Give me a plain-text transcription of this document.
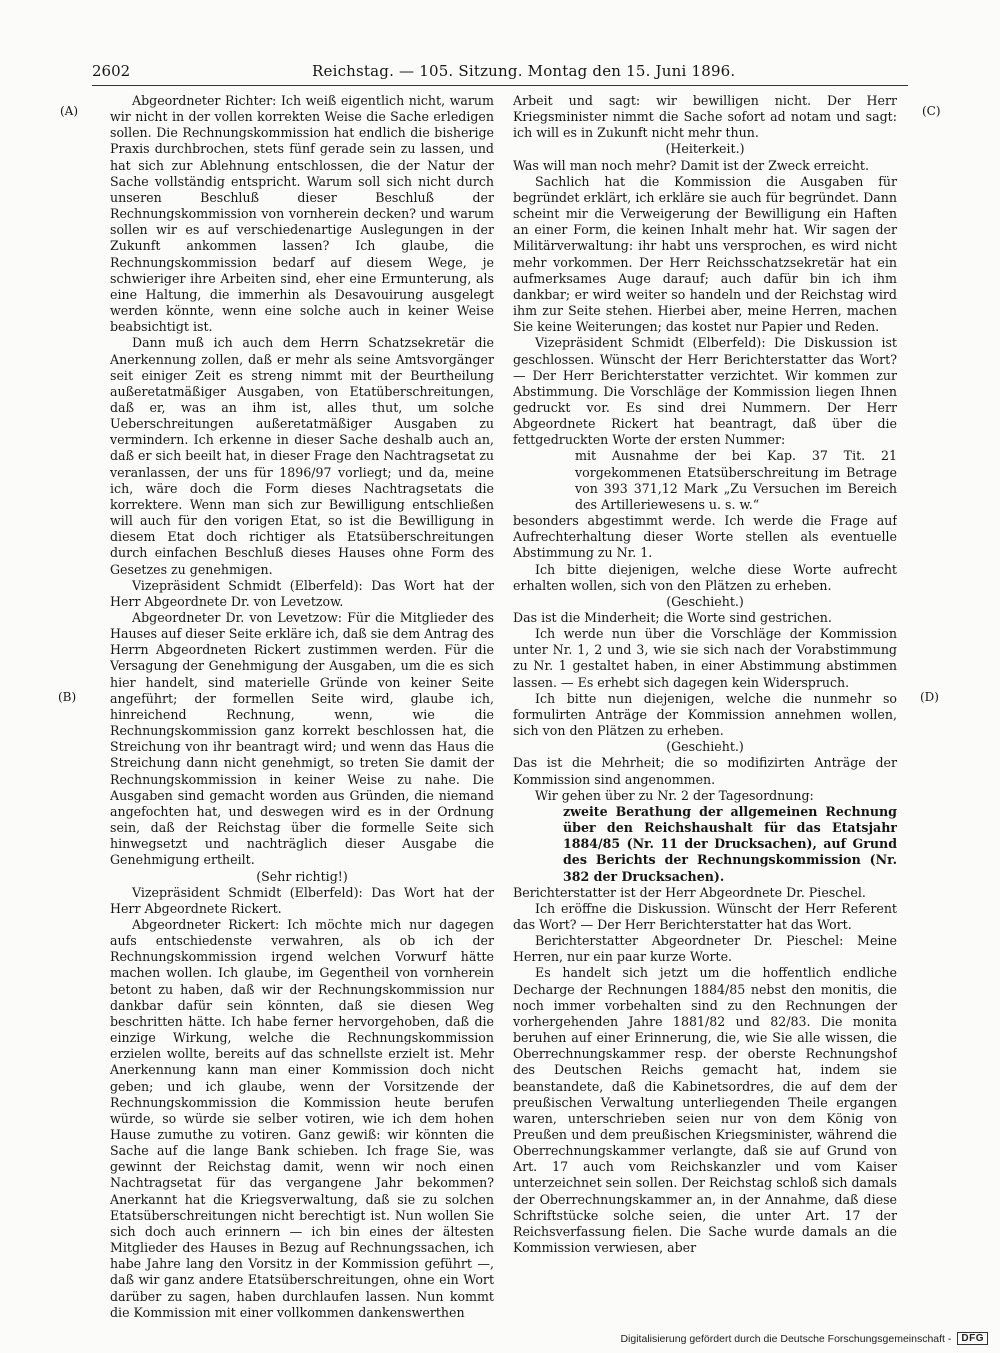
2602	Reichstag. — 105. Sitzung. Montag den 15. Juni 1896.
(A)
(B)
(C)
(D)

Abgeordneter Richter: Ich weiß eigentlich nicht, warum wir nicht in der vollen korrekten Weise die Sache erledigen sollen. Die Rechnungskommission hat endlich die bisherige Praxis durchbrochen, stets fünf gerade sein zu lassen, und hat sich zur Ablehnung entschlossen, die der Natur der Sache vollständig entspricht. Warum soll sich nicht durch unseren Beschluß dieser Beschluß der Rechnungskommission von vornherein decken? und warum sollen wir es auf verschiedenartige Auslegungen in der Zukunft ankommen lassen? Ich glaube, die Rechnungskommission bedarf auf diesem Wege, je schwieriger ihre Arbeiten sind, eher eine Ermunterung, als eine Haltung, die immerhin als Desavouirung ausgelegt werden könnte, wenn eine solche auch in keiner Weise beabsichtigt ist.

Dann muß ich auch dem Herrn Schatzsekretär die Anerkennung zollen, daß er mehr als seine Amtsvorgänger seit einiger Zeit es streng nimmt mit der Beurtheilung außeretatmäßiger Ausgaben, von Etatüberschreitungen, daß er, was an ihm ist, alles thut, um solche Ueberschreitungen außeretatmäßiger Ausgaben zu vermindern. Ich erkenne in dieser Sache deshalb auch an, daß er sich beeilt hat, in dieser Frage den Nachtragsetat zu veranlassen, der uns für 1896/97 vorliegt; und da, meine ich, wäre doch die Form dieses Nachtragsetats die korrektere. Wenn man sich zur Bewilligung entschließen will auch für den vorigen Etat, so ist die Bewilligung in diesem Etat doch richtiger als Etatsüberschreitungen durch einfachen Beschluß dieses Hauses ohne Form des Gesetzes zu genehmigen.

Vizepräsident Schmidt (Elberfeld): Das Wort hat der Herr Abgeordnete Dr. von Levetzow.

Abgeordneter Dr. von Levetzow: Für die Mitglieder des Hauses auf dieser Seite erkläre ich, daß sie dem Antrag des Herrn Abgeordneten Rickert zustimmen werden. Für die Versagung der Genehmigung der Ausgaben, um die es sich hier handelt, sind materielle Gründe von keiner Seite angeführt; der formellen Seite wird, glaube ich, hinreichend Rechnung, wenn, wie die Rechnungskommission ganz korrekt beschlossen hat, die Streichung von ihr beantragt wird; und wenn das Haus die Streichung dann nicht genehmigt, so treten Sie damit der Rechnungskommission in keiner Weise zu nahe. Die Ausgaben sind gemacht worden aus Gründen, die niemand angefochten hat, und deswegen wird es in der Ordnung sein, daß der Reichstag über die formelle Seite sich hinwegsetzt und nachträglich dieser Ausgabe die Genehmigung ertheilt.

(Sehr richtig!)

Vizepräsident Schmidt (Elberfeld): Das Wort hat der Herr Abgeordnete Rickert.

Abgeordneter Rickert: Ich möchte mich nur dagegen aufs entschiedenste verwahren, als ob ich der Rechnungskommission irgend welchen Vorwurf hätte machen wollen. Ich glaube, im Gegentheil von vornherein betont zu haben, daß wir der Rechnungskommission nur dankbar dafür sein könnten, daß sie diesen Weg beschritten hätte. Ich habe ferner hervorgehoben, daß die einzige Wirkung, welche die Rechnungskommission erzielen wollte, bereits auf das schnellste erzielt ist. Mehr Anerkennung kann man einer Kommission doch nicht geben; und ich glaube, wenn der Vorsitzende der Rechnungskommission die Kommission heute berufen würde, so würde sie selber votiren, wie ich dem hohen Hause zumuthe zu votiren. Ganz gewiß: wir könnten die Sache auf die lange Bank schieben. Ich frage Sie, was gewinnt der Reichstag damit, wenn wir noch einen Nachtragsetat für das vergangene Jahr bekommen? Anerkannt hat die Kriegsverwaltung, daß sie zu solchen Etatsüberschreitungen nicht berechtigt ist. Nun wollen Sie sich doch auch erinnern — ich bin eines der ältesten Mitglieder des Hauses in Bezug auf Rechnungssachen, ich habe Jahre lang den Vorsitz in der Kommission geführt —, daß wir ganz andere Etatsüberschreitungen, ohne ein Wort darüber zu sagen, haben durchlaufen lassen. Nun kommt die Kommission mit einer vollkommen dankenswerthen

Arbeit und sagt: wir bewilligen nicht. Der Herr Kriegsminister nimmt die Sache sofort ad notam und sagt: ich will es in Zukunft nicht mehr thun.

(Heiterkeit.)

Was will man noch mehr? Damit ist der Zweck erreicht.

Sachlich hat die Kommission die Ausgaben für begründet erklärt, ich erkläre sie auch für begründet. Dann scheint mir die Verweigerung der Bewilligung ein Haften an einer Form, die keinen Inhalt mehr hat. Wir sagen der Militärverwaltung: ihr habt uns versprochen, es wird nicht mehr vorkommen. Der Herr Reichsschatzsekretär hat ein aufmerksames Auge darauf; auch dafür bin ich ihm dankbar; er wird weiter so handeln und der Reichstag wird ihm zur Seite stehen. Hierbei aber, meine Herren, machen Sie keine Weiterungen; das kostet nur Papier und Reden.

Vizepräsident Schmidt (Elberfeld): Die Diskussion ist geschlossen. Wünscht der Herr Berichterstatter das Wort? — Der Herr Berichterstatter verzichtet. Wir kommen zur Abstimmung. Die Vorschläge der Kommission liegen Ihnen gedruckt vor. Es sind drei Nummern. Der Herr Abgeordnete Rickert hat beantragt, daß über die fettgedruckten Worte der ersten Nummer:

mit Ausnahme der bei Kap. 37 Tit. 21 vorgekommenen Etatsüberschreitung im Betrage von 393 371,12 Mark „Zu Versuchen im Bereich des Artilleriewesens u. s. w.“

besonders abgestimmt werde. Ich werde die Frage auf Aufrechterhaltung dieser Worte stellen als eventuelle Abstimmung zu Nr. 1.

Ich bitte diejenigen, welche diese Worte aufrecht erhalten wollen, sich von den Plätzen zu erheben.

(Geschieht.)

Das ist die Minderheit; die Worte sind gestrichen.

Ich werde nun über die Vorschläge der Kommission unter Nr. 1, 2 und 3, wie sie sich nach der Vorabstimmung zu Nr. 1 gestaltet haben, in einer Abstimmung abstimmen lassen. — Es erhebt sich dagegen kein Widerspruch.

Ich bitte nun diejenigen, welche die nunmehr so formulirten Anträge der Kommission annehmen wollen, sich von den Plätzen zu erheben.

(Geschieht.)

Das ist die Mehrheit; die so modifizirten Anträge der Kommission sind angenommen.

Wir gehen über zu Nr. 2 der Tagesordnung:

zweite Berathung der allgemeinen Rechnung über den Reichshaushalt für das Etatsjahr 1884/85 (Nr. 11 der Drucksachen), auf Grund des Berichts der Rechnungskommission (Nr. 382 der Drucksachen).

Berichterstatter ist der Herr Abgeordnete Dr. Pieschel.

Ich eröffne die Diskussion. Wünscht der Herr Referent das Wort? — Der Herr Berichterstatter hat das Wort.

Berichterstatter Abgeordneter Dr. Pieschel: Meine Herren, nur ein paar kurze Worte.

Es handelt sich jetzt um die hoffentlich endliche Decharge der Rechnungen 1884/85 nebst den monitis, die noch immer vorbehalten sind zu den Rechnungen der vorhergehenden Jahre 1881/82 und 82/83. Die monita beruhen auf einer Erinnerung, die, wie Sie alle wissen, die Oberrechnungskammer resp. der oberste Rechnungshof des Deutschen Reichs gemacht hat, indem sie beanstandete, daß die Kabinetsordres, die auf dem der preußischen Verwaltung unterliegenden Theile ergangen waren, unterschrieben seien nur von dem König von Preußen und dem preußischen Kriegsminister, während die Oberrechnungskammer verlangte, daß sie auf Grund von Art. 17 auch vom Reichskanzler und vom Kaiser unterzeichnet sein sollen. Der Reichstag schloß sich damals der Oberrechnungskammer an, in der Annahme, daß diese Schriftstücke solche seien, die unter Art. 17 der Reichsverfassung fielen. Die Sache wurde damals an die Kommission verwiesen, aber

Digitalisierung gefördert durch die Deutsche Forschungsgemeinschaft -	DFG
